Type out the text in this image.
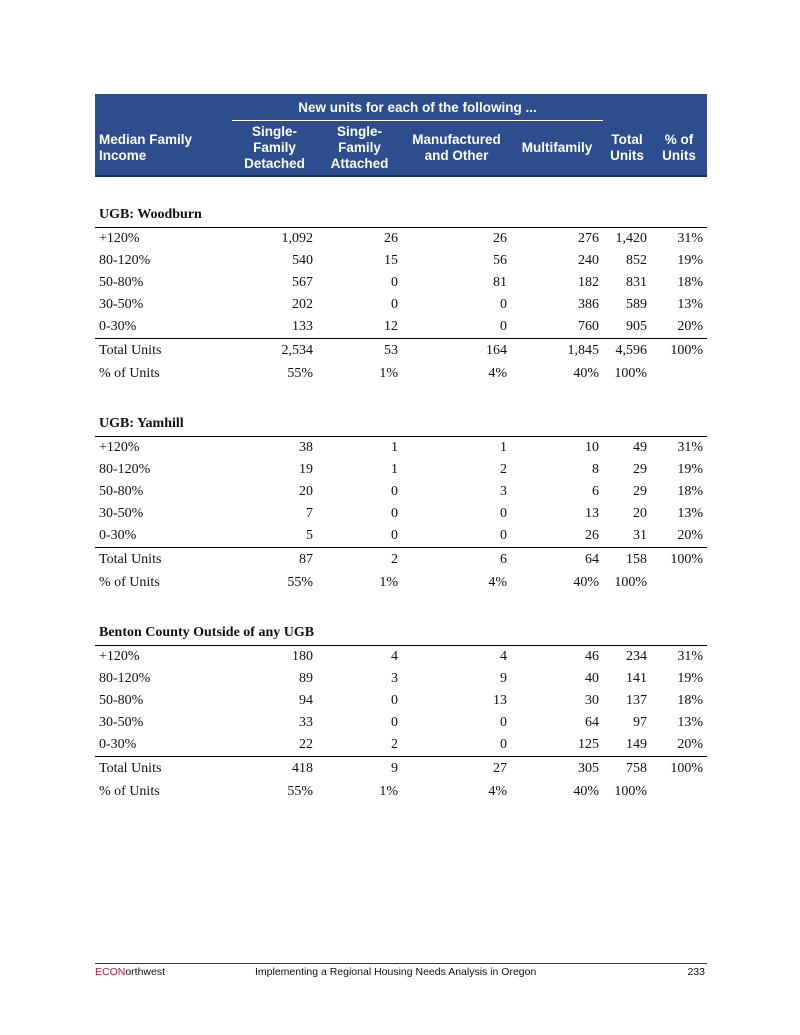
	New units for each of the following ...					
Median Family Income	Single-Family Detached	Single-Family Attached	Manufactured and Other	Multifamily	Total Units	% of Units

UGB: Woodburn						
+120%	1,092	26	26	276	1,420	31%
80-120%	540	15	56	240	852	19%
50-80%	567	0	81	182	831	18%
30-50%	202	0	0	386	589	13%
0-30%	133	12	0	760	905	20%
Total Units	2,534	53	164	1,845	4,596	100%
% of Units	55%	1%	4%	40%	100%	

UGB: Yamhill						
+120%	38	1	1	10	49	31%
80-120%	19	1	2	8	29	19%
50-80%	20	0	3	6	29	18%
30-50%	7	0	0	13	20	13%
0-30%	5	0	0	26	31	20%
Total Units	87	2	6	64	158	100%
% of Units	55%	1%	4%	40%	100%	

Benton County Outside of any UGB						
+120%	180	4	4	46	234	31%
80-120%	89	3	9	40	141	19%
50-80%	94	0	13	30	137	18%
30-50%	33	0	0	64	97	13%
0-30%	22	2	0	125	149	20%
Total Units	418	9	27	305	758	100%
% of Units	55%	1%	4%	40%	100%	
ECONorthwest	Implementing a Regional Housing Needs Analysis in Oregon	233
